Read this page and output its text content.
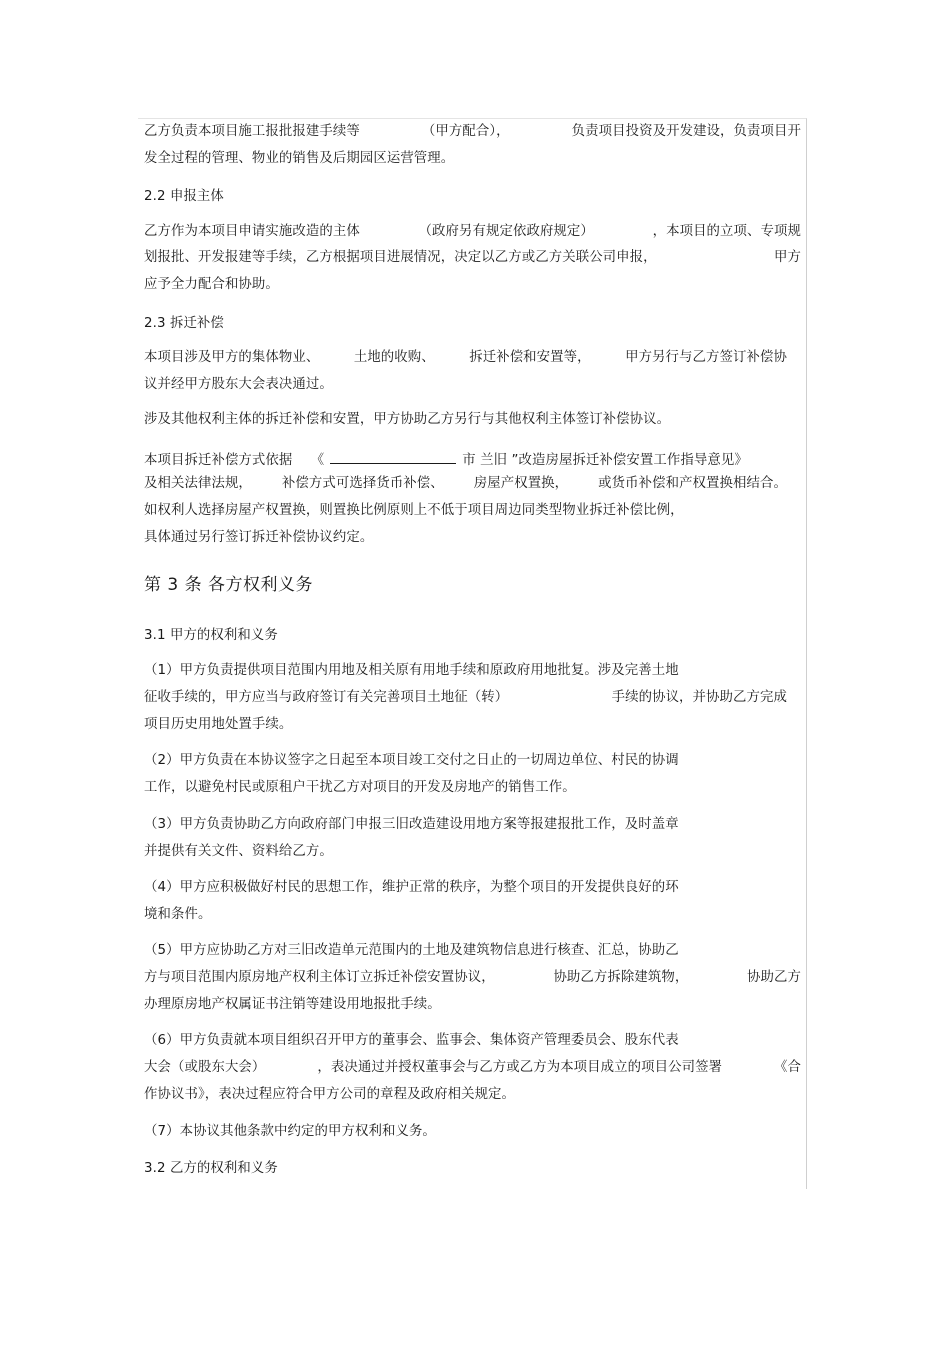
乙方负责本项目施工报批报建手续等	（甲方配合），	负责项目投资及开发建设，负责项目开
发全过程的管理、物业的销售及后期园区运营管理。
2.2 申报主体
乙方作为本项目申请实施改造的主体	（政府另有规定依政府规定）	，本项目的立项、专项规
划报批、开发报建等手续，乙方根据项目进展情况，决定以乙方或乙方关联公司申报，	甲方
应予全力配合和协助。
2.3 拆迁补偿
本项目涉及甲方的集体物业、	土地的收购、	拆迁补偿和安置等，	甲方另行与乙方签订补偿协
议并经甲方股东大会表决通过。
涉及其他权利主体的拆迁补偿和安置，甲方协助乙方另行与其他权利主体签订补偿协议。
本项目拆迁补偿方式依据 《	市 兰旧 ”改造房屋拆迁补偿安置工作指导意见》
及相关法律法规， 补偿方式可选择货币补偿、 房屋产权置换， 或货币补偿和产权置换相结合。
如权利人选择房屋产权置换，则置换比例原则上不低于项目周边同类型物业拆迁补偿比例，
具体通过另行签订拆迁补偿协议约定。
第 3 条 各方权利义务
3.1 甲方的权利和义务
（1）甲方负责提供项目范围内用地及相关原有用地手续和原政府用地批复。涉及完善土地
征收手续的，甲方应当与政府签订有关完善项目土地征（转）	手续的协议，并协助乙方完成
项目历史用地处置手续。
（2）甲方负责在本协议签字之日起至本项目竣工交付之日止的一切周边单位、村民的协调
工作，以避免村民或原租户干扰乙方对项目的开发及房地产的销售工作。
（3）甲方负责协助乙方向政府部门申报三旧改造建设用地方案等报建报批工作，及时盖章
并提供有关文件、资料给乙方。
（4）甲方应积极做好村民的思想工作，维护正常的秩序，为整个项目的开发提供良好的环
境和条件。
（5）甲方应协助乙方对三旧改造单元范围内的土地及建筑物信息进行核查、汇总，协助乙
方与项目范围内原房地产权利主体订立拆迁补偿安置协议，	协助乙方拆除建筑物，	协助乙方
办理原房地产权属证书注销等建设用地报批手续。
（6）甲方负责就本项目组织召开甲方的董事会、监事会、集体资产管理委员会、股东代表
大会（或股东大会）	，表决通过并授权董事会与乙方或乙方为本项目成立的项目公司签署	《合
作协议书》，表决过程应符合甲方公司的章程及政府相关规定。
（7）本协议其他条款中约定的甲方权利和义务。
3.2 乙方的权利和义务
